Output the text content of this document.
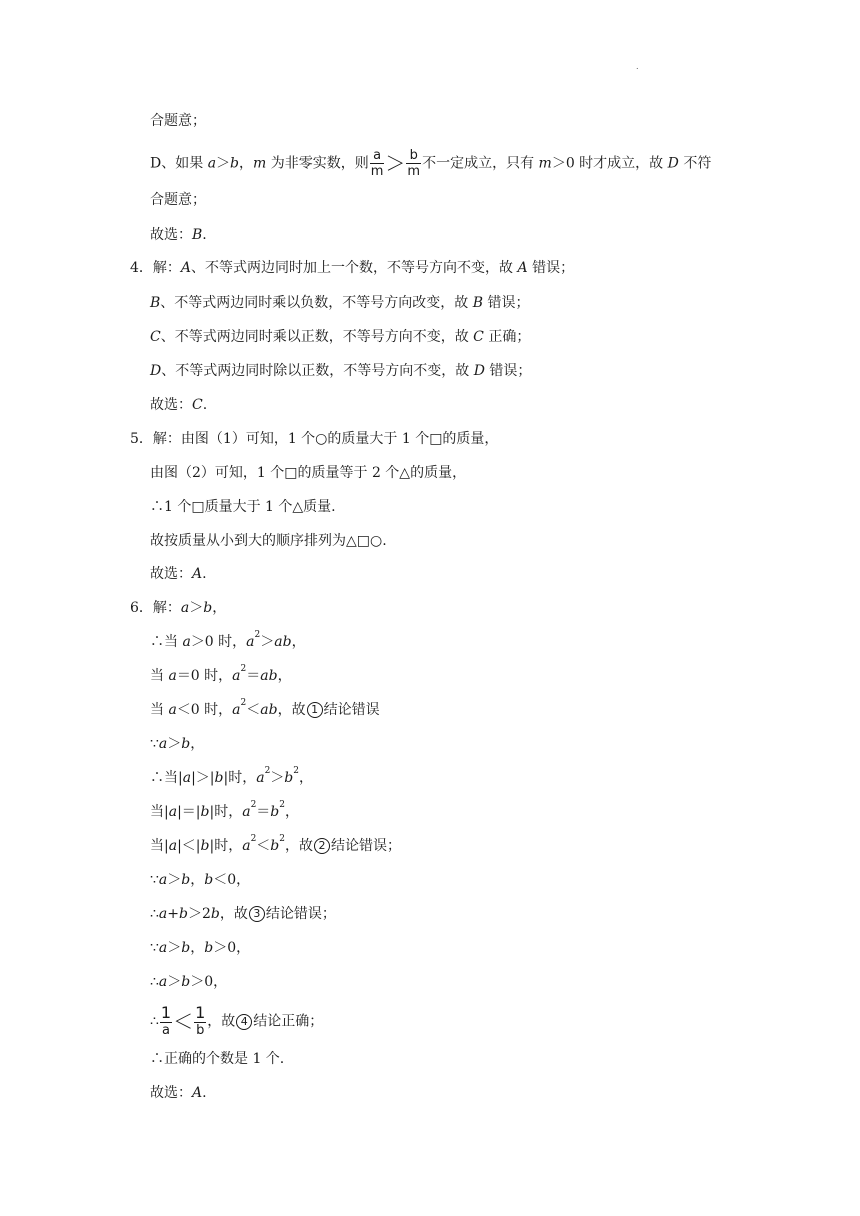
.
合题意；
D、如果 a＞b，m 为非零实数，则 $\frac{a}{m} > \frac{b}{m}$ 不一定成立，只有 m＞0 时才成立，故 D 不符
合题意；
故选：B.
4．解：A、不等式两边同时加上一个数，不等号方向不变，故 A 错误；
B、不等式两边同时乘以负数，不等号方向改变，故 B 错误；
C、不等式两边同时乘以正数，不等号方向不变，故 C 正确；
D、不等式两边同时除以正数，不等号方向不变，故 D 错误；
故选：C.
5．解：由图（1）可知，1 个○的质量大于 1 个□的质量，
由图（2）可知，1 个□的质量等于 2 个△的质量，
∴1 个□质量大于 1 个△质量.
故按质量从小到大的顺序排列为△□○.
故选：A.
6．解：a＞b，
∴当 a＞0 时，$a^2>ab$，
当 a＝0 时，$a^2=ab$，
当 a＜0 时，$a^2<ab$，故 1 结论错误
∵a＞b，
∴当|a|＞|b|时，$a^2>b^2$，
当|a|＝|b|时，$a^2=b^2$，
当|a|＜|b|时，$a^2<b^2$，故 2 结论错误；
∵a＞b，b＜0，
∴a+b＞2b，故 3 结论错误；
∵a＞b，b＞0，
∴a＞b＞0，
∴ $\frac{1}{a} < \frac{1}{b}$ ，故 4 结论正确；
∴正确的个数是 1 个.
故选：A.
